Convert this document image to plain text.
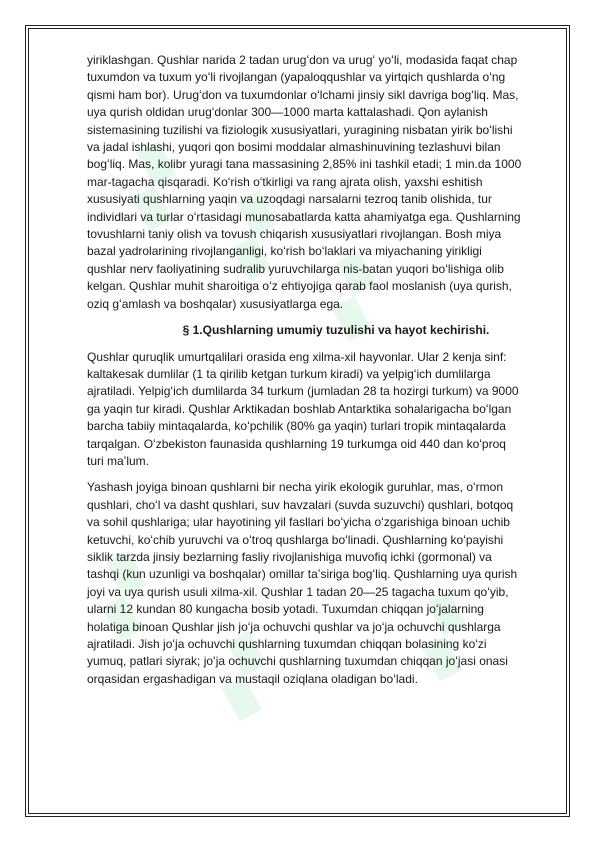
▞
▞
▞
▞
▞ ▞

yiriklashgan. Qushlar narida 2 tadan urugʻdon va urugʻ yoʻli, modasida faqat chap
tuxumdon va tuxum yoʻli rivojlangan (yapaloqqushlar va yirtqich qushlarda oʻng
qismi ham bor). Urugʻdon va tuxumdonlar oʻlchami jinsiy sikl davriga bogʻliq. Mas,
uya qurish oldidan urugʻdonlar 300—1000 marta kattalashadi. Qon aylanish
sistemasining tuzilishi va fiziologik xususiyatlari, yuragining nisbatan yirik boʻlishi
va jadal ishlashi, yuqori qon bosimi moddalar almashinuvining tezlashuvi bilan
bogʻliq. Mas, kolibr yuragi tana massasining 2,85% ini tashkil etadi; 1 min.da 1000
mar-tagacha qisqaradi. Koʻrish oʻtkirligi va rang ajrata olish, yaxshi eshitish
xususiyati qushlarning yaqin va uzoqdagi narsalarni tezroq tanib olishida, tur
individlari va turlar oʻrtasidagi munosabatlarda katta ahamiyatga ega. Qushlarning
tovushlarni taniy olish va tovush chiqarish xususiyatlari rivojlangan. Bosh miya
bazal yadrolarining rivojlanganligi, koʻrish boʻlaklari va miyachaning yirikligi
qushlar nerv faoliyatining sudralib yuruvchilarga nis-batan yuqori boʻlishiga olib
kelgan. Qushlar muhit sharoitiga oʻz ehtiyojiga qarab faol moslanish (uya qurish,
oziq gʻamlash va boshqalar) xususiyatlarga ega.

§ 1.Qushlarning umumiy tuzulishi va hayot kechirishi.

Qushlar quruqlik umurtqalilari orasida eng xilma-xil hayvonlar. Ular 2 kenja sinf:
kaltakesak dumlilar (1 ta qirilib ketgan turkum kiradi) va yelpigʻich dumlilarga
ajratiladi. Yelpigʻich dumlilarda 34 turkum (jumladan 28 ta hozirgi turkum) va 9000
ga yaqin tur kiradi. Qushlar Arktikadan boshlab Antarktika sohalarigacha boʻlgan
barcha tabiiy mintaqalarda, koʻpchilik (80% ga yaqin) turlari tropik mintaqalarda
tarqalgan. Oʻzbekiston faunasida qushlarning 19 turkumga oid 440 dan koʻproq
turi maʼlum.

Yashash joyiga binoan qushlarni bir necha yirik ekologik guruhlar, mas, oʻrmon
qushlari, choʻl va dasht qushlari, suv havzalari (suvda suzuvchi) qushlari, botqoq
va sohil qushlariga; ular hayotining yil fasllari boʻyicha oʻzgarishiga binoan uchib
ketuvchi, koʻchib yuruvchi va oʻtroq qushlarga boʻlinadi. Qushlarning koʻpayishi
siklik tarzda jinsiy bezlarning fasliy rivojlanishiga muvofiq ichki (gormonal) va
tashqi (kun uzunligi va boshqalar) omillar taʼsiriga bogʻliq. Qushlarning uya qurish
joyi va uya qurish usuli xilma-xil. Qushlar 1 tadan 20—25 tagacha tuxum qoʻyib,
ularni 12 kundan 80 kungacha bosib yotadi. Tuxumdan chiqqan joʻjalarning
holatiga binoan Qushlar jish joʻja ochuvchi qushlar va joʻja ochuvchi qushlarga
ajratiladi. Jish joʻja ochuvchi qushlarning tuxumdan chiqqan bolasining koʻzi
yumuq, patlari siyrak; joʻja ochuvchi qushlarning tuxumdan chiqqan joʻjasi onasi
orqasidan ergashadigan va mustaqil oziqlana oladigan boʻladi.
